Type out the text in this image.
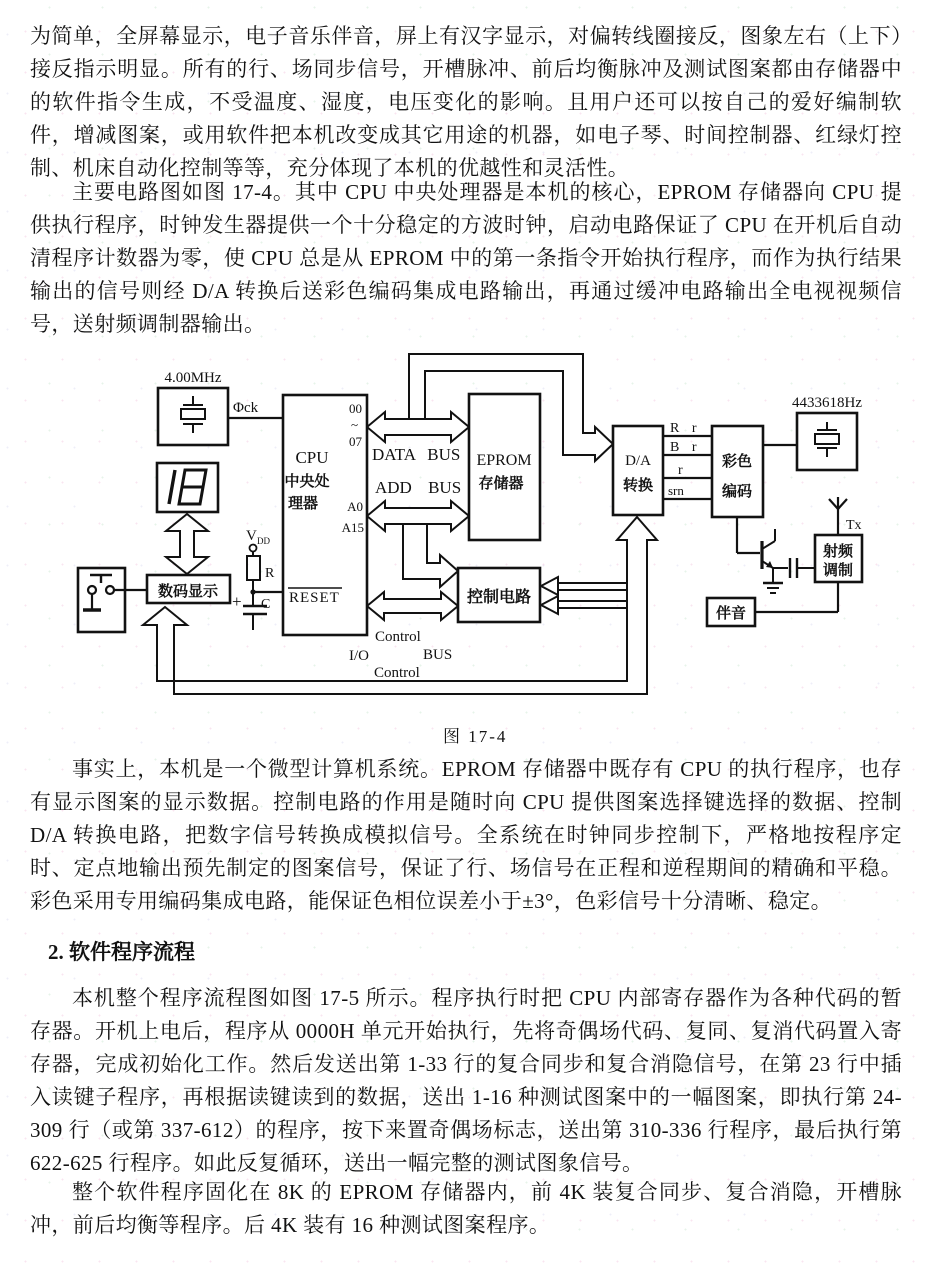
为简单，全屏幕显示，电子音乐伴音，屏上有汉字显示，对偏转线圈接反，图象左右（上下）接反指示明显。所有的行、场同步信号，开槽脉冲、前后均衡脉冲及测试图案都由存储器中的软件指令生成，不受温度、湿度，电压变化的影响。且用户还可以按自己的爱好编制软件，增减图案，或用软件把本机改变成其它用途的机器，如电子琴、时间控制器、红绿灯控制、机床自动化控制等等，充分体现了本机的优越性和灵活性。
主要电路图如图 17-4。其中 CPU 中央处理器是本机的核心，EPROM 存储器向 CPU 提供执行程序，时钟发生器提供一个十分稳定的方波时钟，启动电路保证了 CPU 在开机后自动清程序计数器为零，使 CPU 总是从 EPROM 中的第一条指令开始执行程序，而作为执行结果输出的信号则经 D/A 转换后送彩色编码集成电路输出，再通过缓冲电路输出全电视视频信号，送射频调制器输出。
4.00MHz
Φck
数码显示
CPU
中央处
理器
00
~
07
A0
A15
RESET
V DD
R
+ C
DATA BUS
ADD BUS
Control
I/O	BUS
Control
EPROM
存储器
控制电路
D/A
转换
R r
B r
r
srn
彩色
编码
4433618Hz
射频
调制
Tx
伴音
图 17-4
事实上，本机是一个微型计算机系统。EPROM 存储器中既存有 CPU 的执行程序，也存有显示图案的显示数据。控制电路的作用是随时向 CPU 提供图案选择键选择的数据、控制 D/A 转换电路，把数字信号转换成模拟信号。全系统在时钟同步控制下，严格地按程序定时、定点地输出预先制定的图案信号，保证了行、场信号在正程和逆程期间的精确和平稳。彩色采用专用编码集成电路，能保证色相位误差小于±3°，色彩信号十分清晰、稳定。
2. 软件程序流程
本机整个程序流程图如图 17-5 所示。程序执行时把 CPU 内部寄存器作为各种代码的暂存器。开机上电后，程序从 0000H 单元开始执行，先将奇偶场代码、复同、复消代码置入寄存器，完成初始化工作。然后发送出第 1-33 行的复合同步和复合消隐信号，在第 23 行中插入读键子程序，再根据读键读到的数据，送出 1-16 种测试图案中的一幅图案，即执行第 24-309 行（或第 337-612）的程序，按下来置奇偶场标志，送出第 310-336 行程序，最后执行第 622-625 行程序。如此反复循环，送出一幅完整的测试图象信号。
整个软件程序固化在 8K 的 EPROM 存储器内，前 4K 装复合同步、复合消隐，开槽脉冲，前后均衡等程序。后 4K 装有 16 种测试图案程序。
